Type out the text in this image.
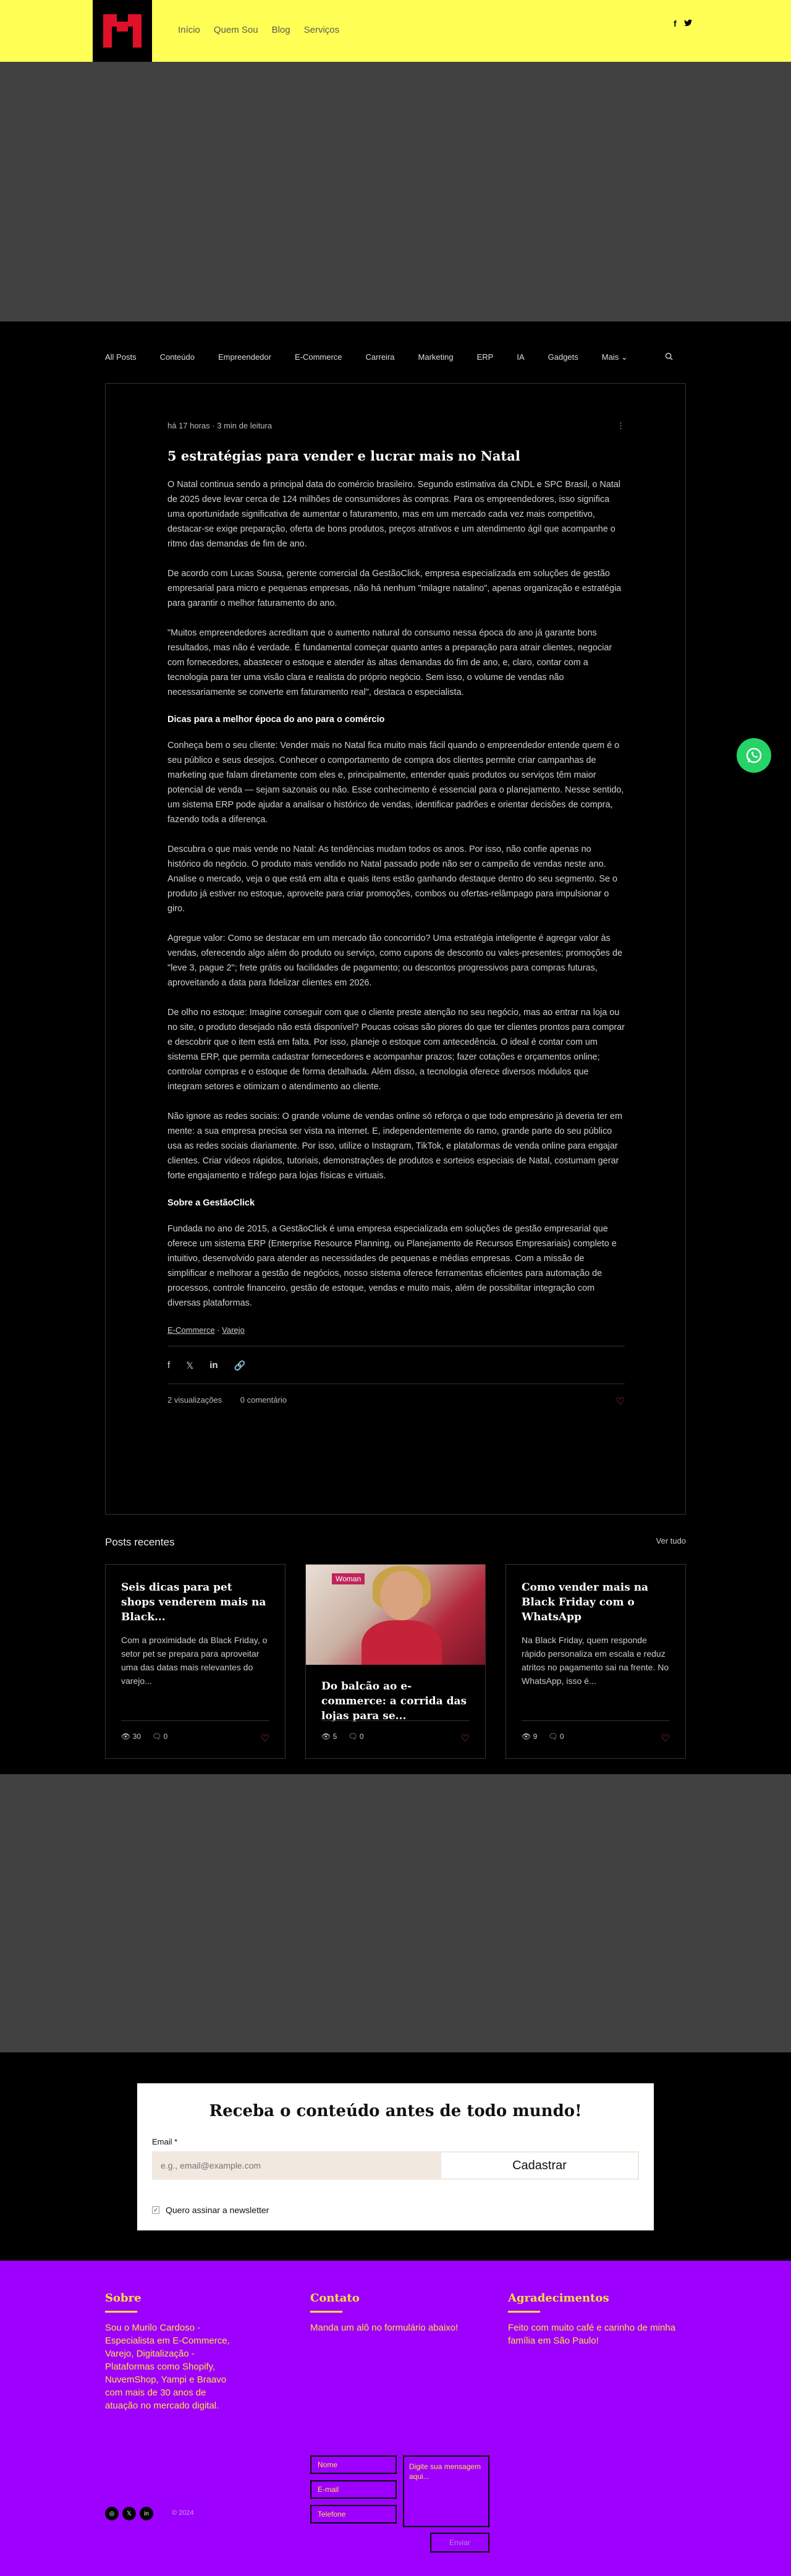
Início Quem Sou Blog Serviços
f
All Posts	Conteúdo	Empreendedor	E-Commerce	Carreira	Marketing	ERP	IA	Gadgets	Mais ⌄
há 17 horas · 3 min de leitura	⋮
5 estratégias para vender e lucrar mais no Natal

O Natal continua sendo a principal data do comércio brasileiro. Segundo estimativa da CNDL e SPC Brasil, o Natal de 2025 deve levar cerca de 124 milhões de consumidores às compras. Para os empreendedores, isso significa uma oportunidade significativa de aumentar o faturamento, mas em um mercado cada vez mais competitivo, destacar-se exige preparação, oferta de bons produtos, preços atrativos e um atendimento ágil que acompanhe o ritmo das demandas de fim de ano.

De acordo com Lucas Sousa, gerente comercial da GestãoClick, empresa especializada em soluções de gestão empresarial para micro e pequenas empresas, não há nenhum "milagre natalino", apenas organização e estratégia para garantir o melhor faturamento do ano.

"Muitos empreendedores acreditam que o aumento natural do consumo nessa época do ano já garante bons resultados, mas não é verdade. É fundamental começar quanto antes a preparação para atrair clientes, negociar com fornecedores, abastecer o estoque e atender às altas demandas do fim de ano, e, claro, contar com a tecnologia para ter uma visão clara e realista do próprio negócio. Sem isso, o volume de vendas não necessariamente se converte em faturamento real", destaca o especialista.

Dicas para a melhor época do ano para o comércio

Conheça bem o seu cliente: Vender mais no Natal fica muito mais fácil quando o empreendedor entende quem é o seu público e seus desejos. Conhecer o comportamento de compra dos clientes permite criar campanhas de marketing que falam diretamente com eles e, principalmente, entender quais produtos ou serviços têm maior potencial de venda — sejam sazonais ou não. Esse conhecimento é essencial para o planejamento. Nesse sentido, um sistema ERP pode ajudar a analisar o histórico de vendas, identificar padrões e orientar decisões de compra, fazendo toda a diferença.

Descubra o que mais vende no Natal: As tendências mudam todos os anos. Por isso, não confie apenas no histórico do negócio. O produto mais vendido no Natal passado pode não ser o campeão de vendas neste ano. Analise o mercado, veja o que está em alta e quais itens estão ganhando destaque dentro do seu segmento. Se o produto já estiver no estoque, aproveite para criar promoções, combos ou ofertas-relâmpago para impulsionar o giro.

Agregue valor: Como se destacar em um mercado tão concorrido? Uma estratégia inteligente é agregar valor às vendas, oferecendo algo além do produto ou serviço, como cupons de desconto ou vales-presentes; promoções de "leve 3, pague 2"; frete grátis ou facilidades de pagamento; ou descontos progressivos para compras futuras, aproveitando a data para fidelizar clientes em 2026.

De olho no estoque: Imagine conseguir com que o cliente preste atenção no seu negócio, mas ao entrar na loja ou no site, o produto desejado não está disponível? Poucas coisas são piores do que ter clientes prontos para comprar e descobrir que o item está em falta. Por isso, planeje o estoque com antecedência. O ideal é contar com um sistema ERP, que permita cadastrar fornecedores e acompanhar prazos; fazer cotações e orçamentos online; controlar compras e o estoque de forma detalhada. Além disso, a tecnologia oferece diversos módulos que integram setores e otimizam o atendimento ao cliente.

Não ignore as redes sociais: O grande volume de vendas online só reforça o que todo empresário já deveria ter em mente: a sua empresa precisa ser vista na internet. E, independentemente do ramo, grande parte do seu público usa as redes sociais diariamente. Por isso, utilize o Instagram, TikTok, e plataformas de venda online para engajar clientes. Criar vídeos rápidos, tutoriais, demonstrações de produtos e sorteios especiais de Natal, costumam gerar forte engajamento e tráfego para lojas físicas e virtuais.

Sobre a GestãoClick

Fundada no ano de 2015, a GestãoClick é uma empresa especializada em soluções de gestão empresarial que oferece um sistema ERP (Enterprise Resource Planning, ou Planejamento de Recursos Empresariais) completo e intuitivo, desenvolvido para atender as necessidades de pequenas e médias empresas. Com a missão de simplificar e melhorar a gestão de negócios, nosso sistema oferece ferramentas eficientes para automação de processos, controle financeiro, gestão de estoque, vendas e muito mais, além de possibilitar integração com diversas plataformas.

E-Commerce · Varejo
f 𝕏 in 🔗
2 visualizações 0 comentário	♡
Posts recentes	Ver tudo
Seis dicas para pet shops venderem mais na Black...

Com a proximidade da Black Friday, o setor pet se prepara para aproveitar uma das datas mais relevantes do varejo...

👁 30 🗨 0	♡
Woman
Do balcão ao e-commerce: a corrida das lojas para se...
👁 5 🗨 0	♡
Como vender mais na Black Friday com o WhatsApp

Na Black Friday, quem responde rápido personaliza em escala e reduz atritos no pagamento sai na frente. No WhatsApp, isso é...

👁 9 🗨 0	♡
Receba o conteúdo antes de todo mundo!
Email *
e.g., email@example.com
Cadastrar
✓ Quero assinar a newsletter
Sobre

Sou o Murilo Cardoso - Especialista em E-Commerce, Varejo, Digitalização - Plataformas como Shopify, NuvemShop, Yampi e Braavo com mais de 30 anos de atuação no mercado digital.

Contato

Manda um alô no formulário abaixo!

Agradecimentos

Feito com muito café e carinho de minha família em São Paulo!

Nome
E-mail
Telefone
Digite sua mensagem aqui...
Enviar
◎	𝕏	in	© 2024
